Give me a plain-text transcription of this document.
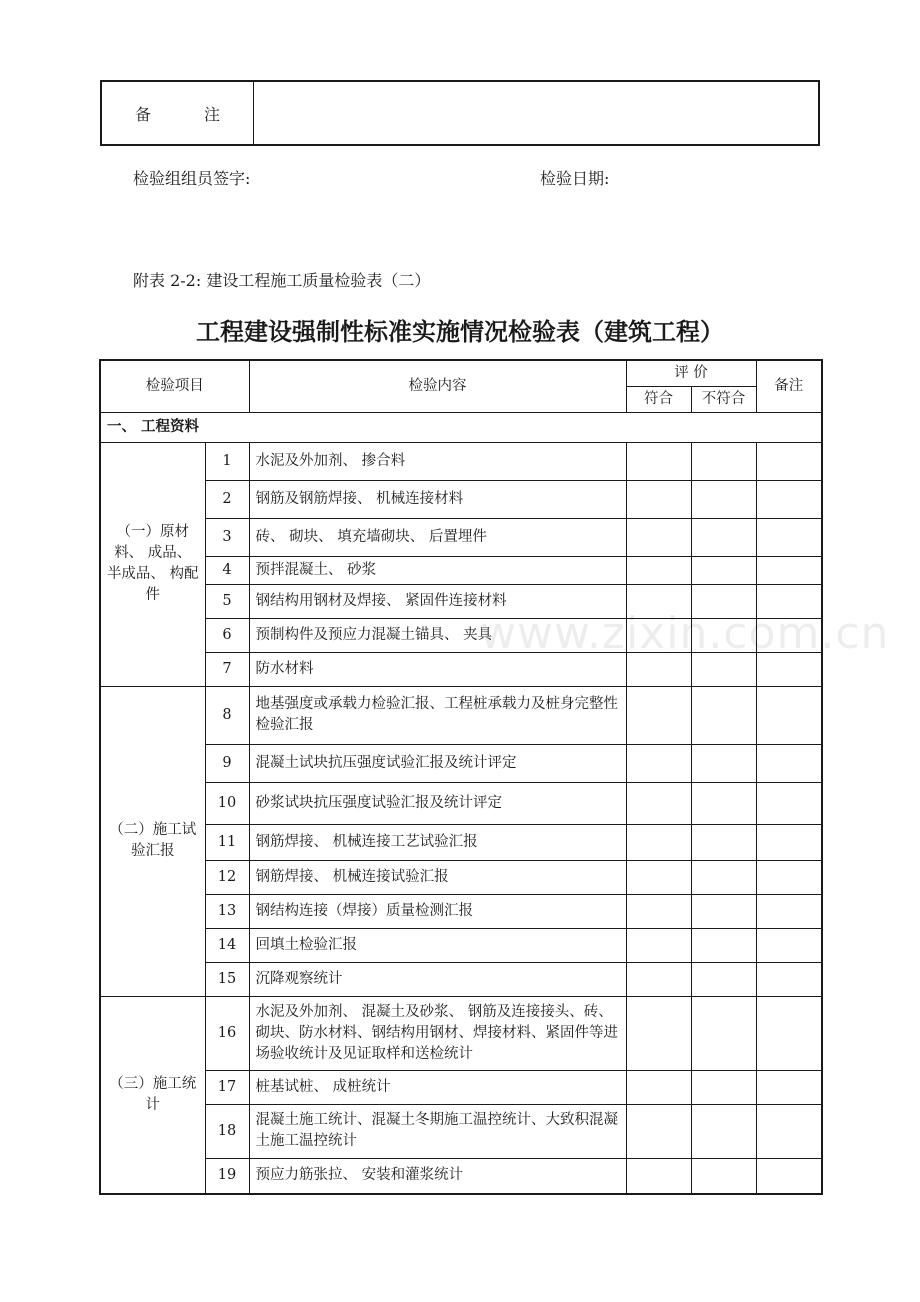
备 注
检验组组员签字:	检验日期:
附表 2-2: 建设工程施工质量检验表（二）
工程建设强制性标准实施情况检验表（建筑工程）
检验项目		检验内容	评 价		备注
			符合	不符合	
一、 工程资料					
（一）原材料、 成品、 半成品、 构配件	1	水泥及外加剂、 掺合料			
	2	钢筋及钢筋焊接、 机械连接材料			
	3	砖、 砌块、 填充墙砌块、 后置埋件			
	4	预拌混凝土、 砂浆			
	5	钢结构用钢材及焊接、 紧固件连接材料			
	6	预制构件及预应力混凝土锚具、 夹具			
	7	防水材料			
（二）施工试验汇报	8	地基强度或承载力检验汇报、工程桩承载力及桩身完整性检验汇报			
	9	混凝土试块抗压强度试验汇报及统计评定			
	10	砂浆试块抗压强度试验汇报及统计评定			
	11	钢筋焊接、 机械连接工艺试验汇报			
	12	钢筋焊接、 机械连接试验汇报			
	13	钢结构连接（焊接）质量检测汇报			
	14	回填土检验汇报			
	15	沉降观察统计			
（三）施工统计	16	水泥及外加剂、 混凝土及砂浆、 钢筋及连接接头、砖、砌块、防水材料、钢结构用钢材、焊接材料、紧固件等进场验收统计及见证取样和送检统计			
	17	桩基试桩、 成桩统计			
	18	混凝土施工统计、混凝土冬期施工温控统计、大致积混凝土施工温控统计			
	19	预应力筋张拉、 安装和灌浆统计			
www.zixin.com.cn
